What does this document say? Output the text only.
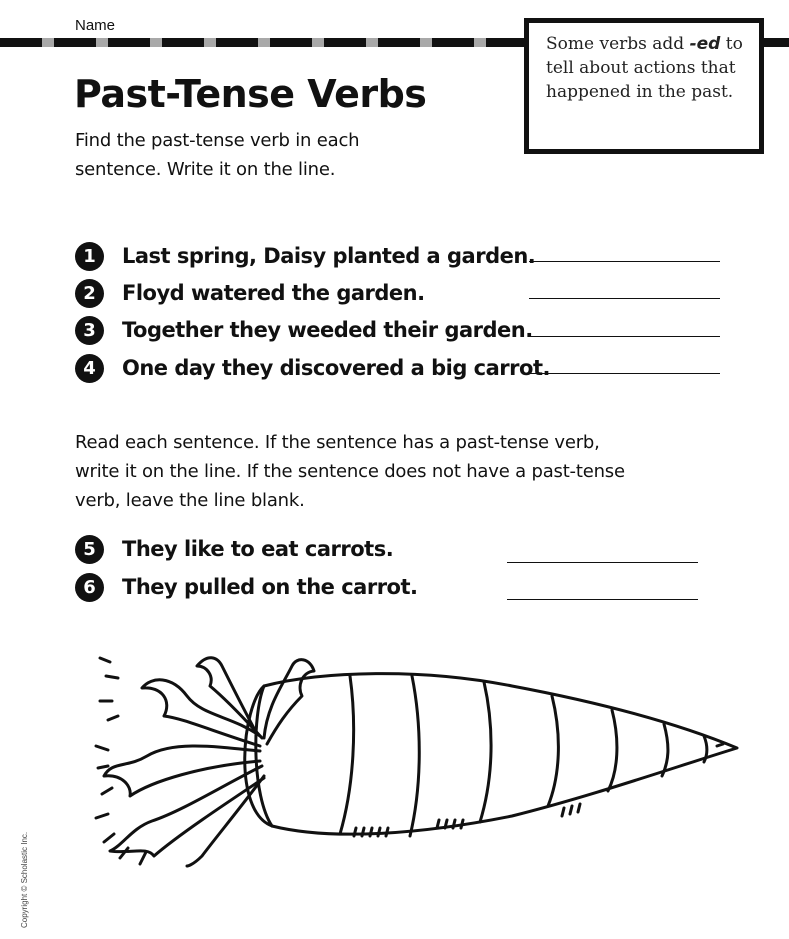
Name
Some verbs add -ed to tell about actions that happened in the past.
Past-Tense Verbs
Find the past-tense verb in each sentence. Write it on the line.
1	Last spring, Daisy planted a garden.
2	Floyd watered the garden.
3	Together they weeded their garden.
4	One day they discovered a big carrot.
Read each sentence. If the sentence has a past-tense verb, write it on the line. If the sentence does not have a past-tense verb, leave the line blank.
5	They like to eat carrots.
6	They pulled on the carrot.
Copyright © Scholastic Inc.
